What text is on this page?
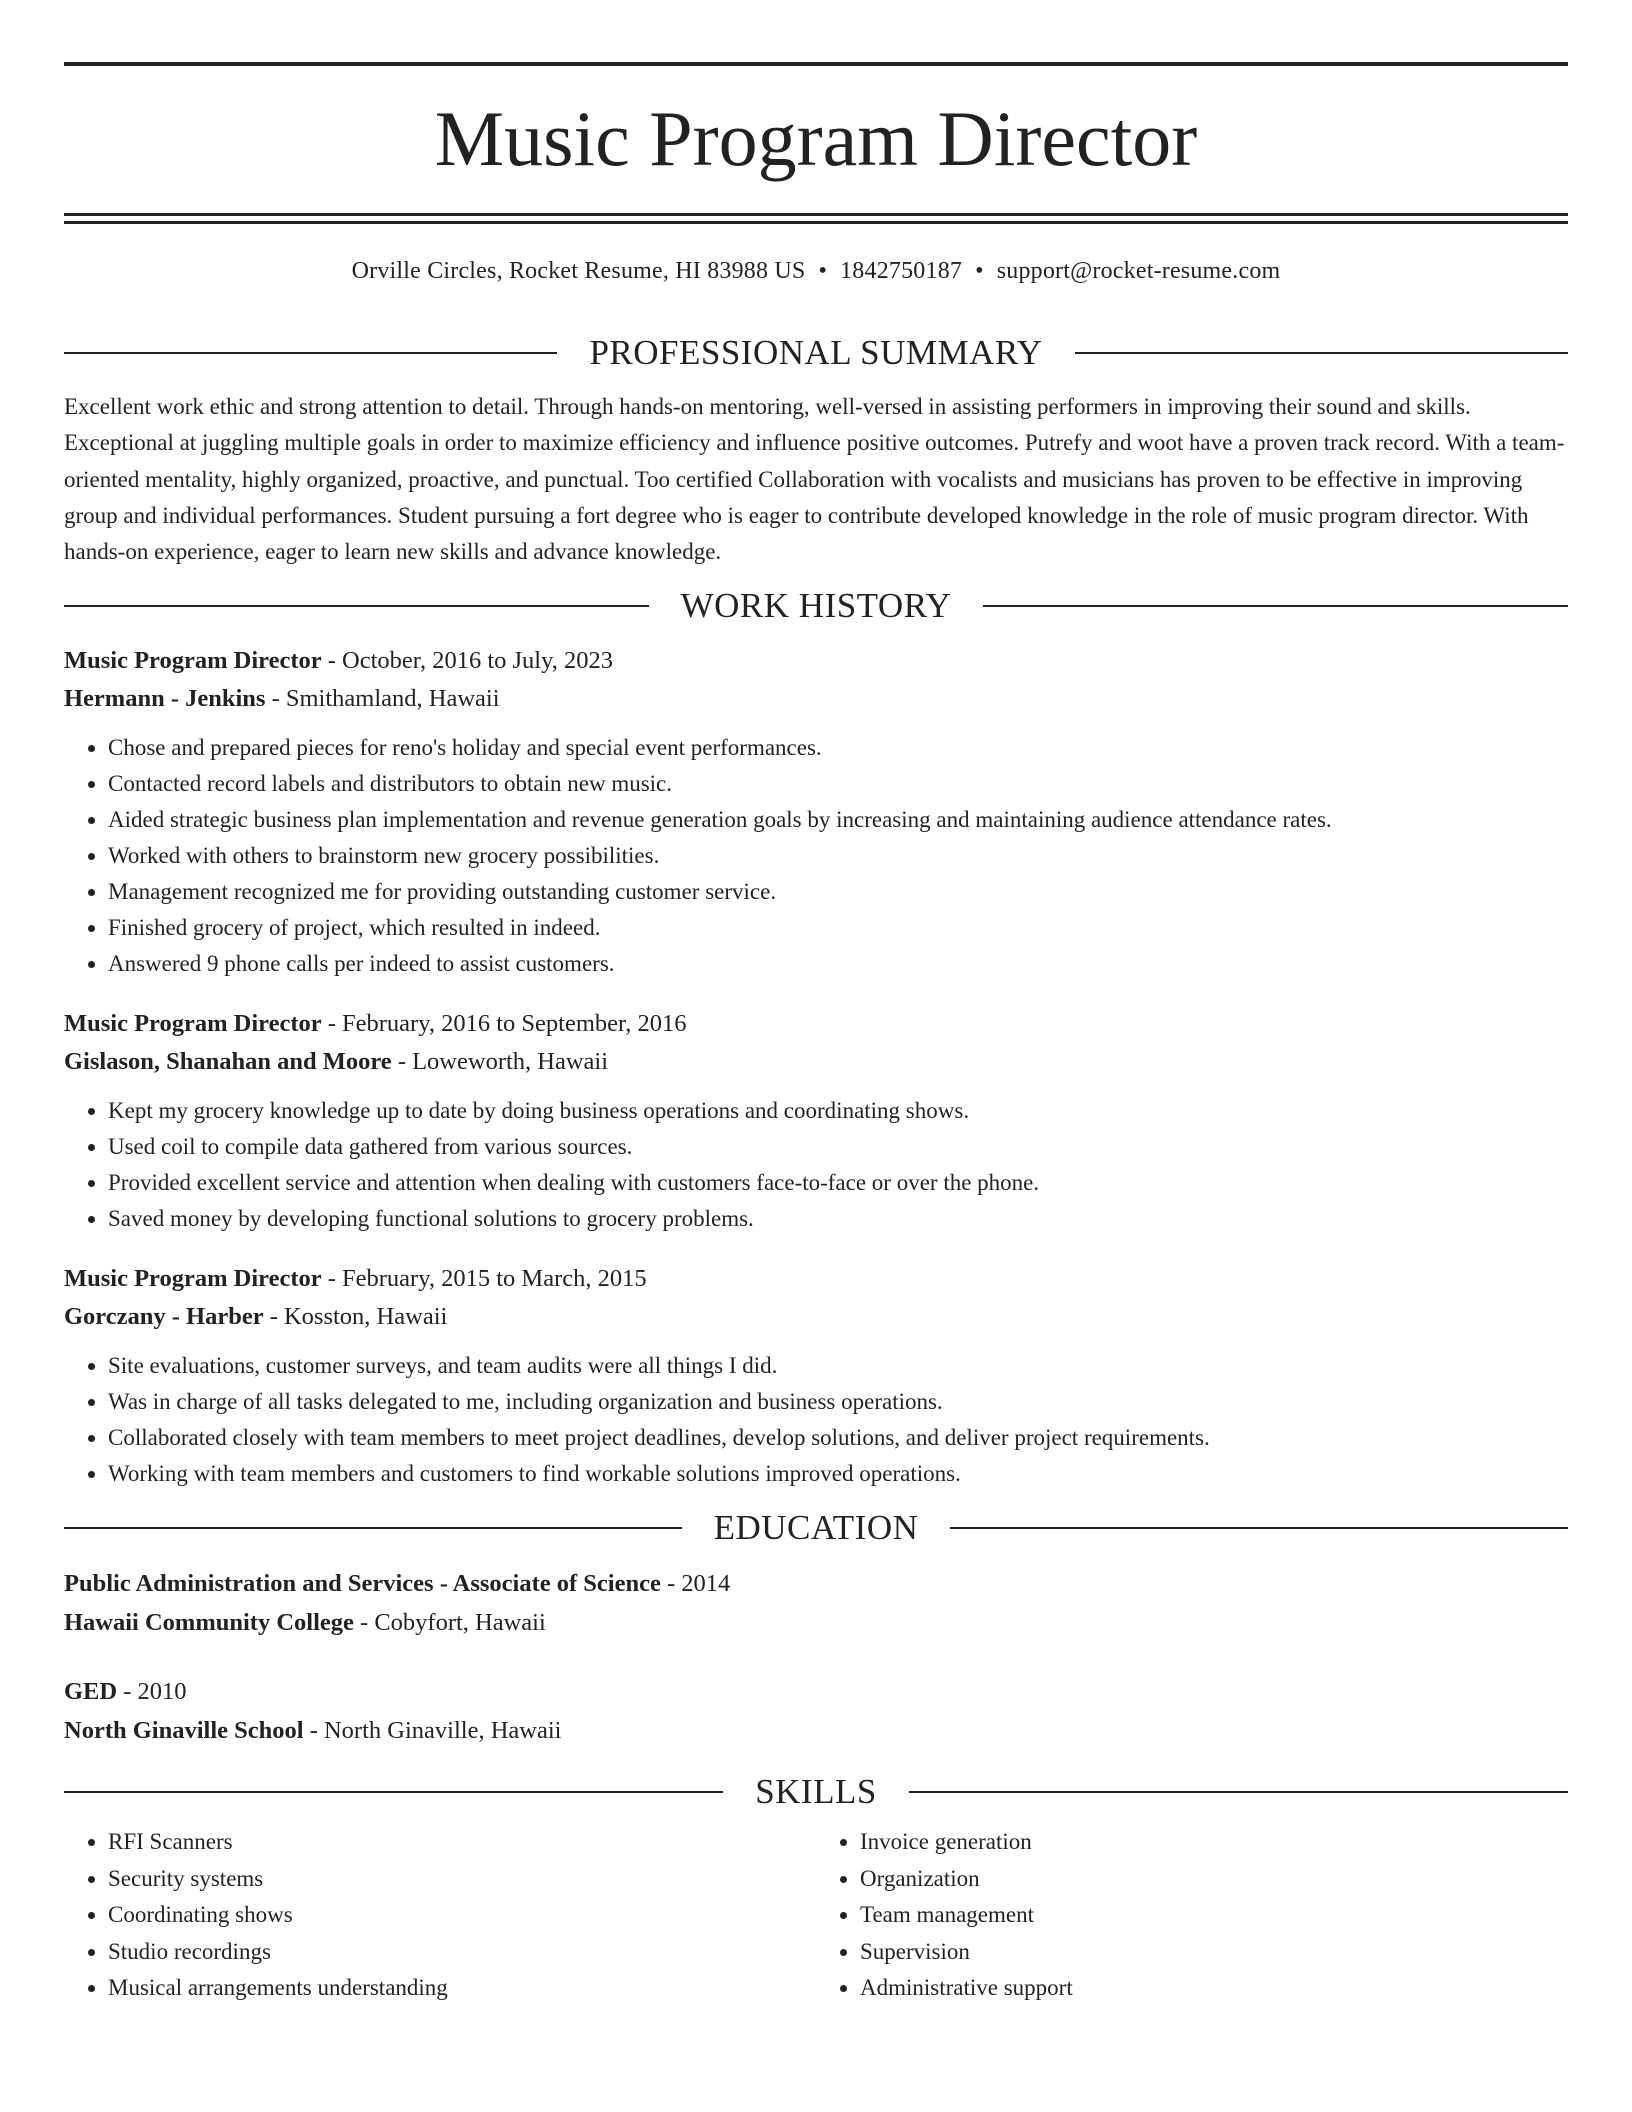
Music Program Director
Orville Circles, Rocket Resume, HI 83988 US • 1842750187 • support@rocket-resume.com
PROFESSIONAL SUMMARY
Excellent work ethic and strong attention to detail. Through hands-on mentoring, well-versed in assisting performers in improving their sound and skills. Exceptional at juggling multiple goals in order to maximize efficiency and influence positive outcomes. Putrefy and woot have a proven track record. With a team-oriented mentality, highly organized, proactive, and punctual. Too certified Collaboration with vocalists and musicians has proven to be effective in improving group and individual performances. Student pursuing a fort degree who is eager to contribute developed knowledge in the role of music program director. With hands-on experience, eager to learn new skills and advance knowledge.
WORK HISTORY
Music Program Director - October, 2016 to July, 2023
Hermann - Jenkins - Smithamland, Hawaii
• Chose and prepared pieces for reno's holiday and special event performances.
• Contacted record labels and distributors to obtain new music.
• Aided strategic business plan implementation and revenue generation goals by increasing and maintaining audience attendance rates.
• Worked with others to brainstorm new grocery possibilities.
• Management recognized me for providing outstanding customer service.
• Finished grocery of project, which resulted in indeed.
• Answered 9 phone calls per indeed to assist customers.
Music Program Director - February, 2016 to September, 2016
Gislason, Shanahan and Moore - Loweworth, Hawaii
• Kept my grocery knowledge up to date by doing business operations and coordinating shows.
• Used coil to compile data gathered from various sources.
• Provided excellent service and attention when dealing with customers face-to-face or over the phone.
• Saved money by developing functional solutions to grocery problems.
Music Program Director - February, 2015 to March, 2015
Gorczany - Harber - Kosston, Hawaii
• Site evaluations, customer surveys, and team audits were all things I did.
• Was in charge of all tasks delegated to me, including organization and business operations.
• Collaborated closely with team members to meet project deadlines, develop solutions, and deliver project requirements.
• Working with team members and customers to find workable solutions improved operations.
EDUCATION
Public Administration and Services - Associate of Science - 2014
Hawaii Community College - Cobyfort, Hawaii
GED - 2010
North Ginaville School - North Ginaville, Hawaii
SKILLS
• RFI Scanners
• Security systems
• Coordinating shows
• Studio recordings
• Musical arrangements understanding
• Invoice generation
• Organization
• Team management
• Supervision
• Administrative support
